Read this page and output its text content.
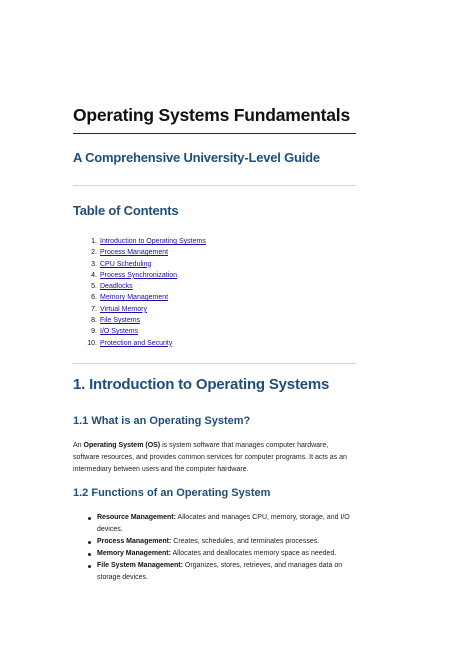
Operating Systems Fundamentals
A Comprehensive University-Level Guide
Table of Contents
1. Introduction to Operating Systems
2. Process Management
3. CPU Scheduling
4. Process Synchronization
5. Deadlocks
6. Memory Management
7. Virtual Memory
8. File Systems
9. I/O Systems
10. Protection and Security
1. Introduction to Operating Systems
1.1 What is an Operating System?

An Operating System (OS) is system software that manages computer hardware, software resources, and provides common services for computer programs. It acts as an intermediary between users and the computer hardware.

1.2 Functions of an Operating System
Resource Management: Allocates and manages CPU, memory, storage, and I/O devices.
Process Management: Creates, schedules, and terminates processes.
Memory Management: Allocates and deallocates memory space as needed.
File System Management: Organizes, stores, retrieves, and manages data on storage devices.
